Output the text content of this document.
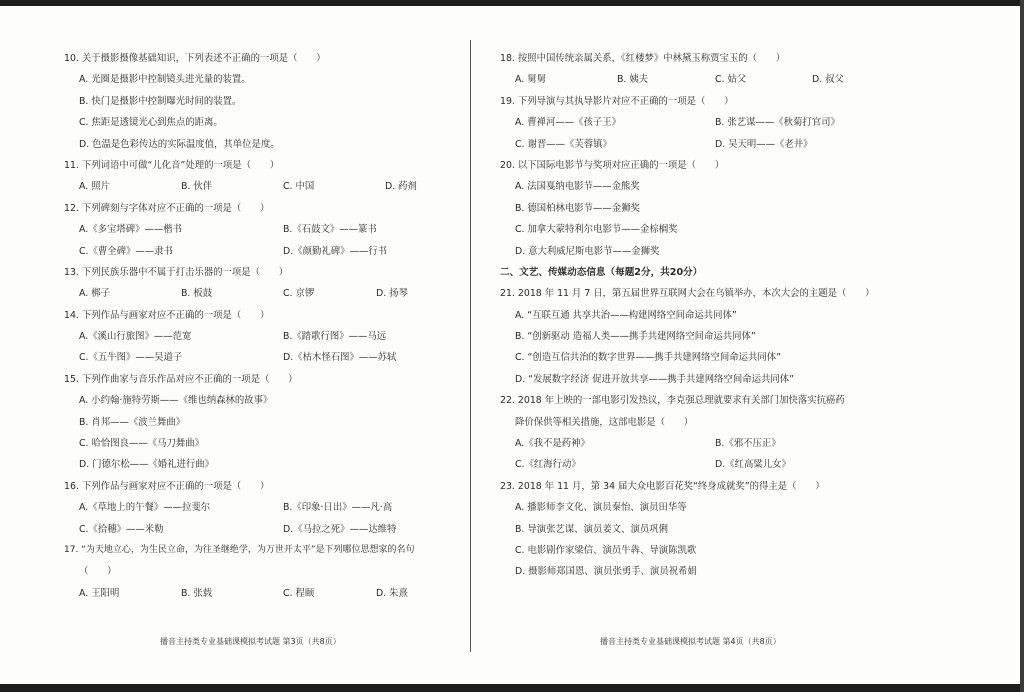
10. 关于摄影摄像基础知识，下列表述不正确的一项是（　　）
A. 光圈是摄影中控制镜头进光量的装置。
B. 快门是摄影中控制曝光时间的装置。
C. 焦距是透镜光心到焦点的距离。
D. 色温是色彩传达的实际温度值，其单位是度。
11. 下列词语中可做“儿化音”处理的一项是（　　）
A. 照片	B. 伙伴	C. 中国	D. 药剂
12. 下列碑刻与字体对应不正确的一项是（　　）
A.《多宝塔碑》——楷书	B.《石鼓文》——篆书
C.《曹全碑》——隶书	D.《颜勤礼碑》——行书
13. 下列民族乐器中不属于打击乐器的一项是（　　）
A. 梆子	B. 板鼓	C. 京锣	D. 扬琴
14. 下列作品与画家对应不正确的一项是（　　）
A.《溪山行旅图》——范宽	B.《踏歌行图》——马远
C.《五牛图》——吴道子	D.《枯木怪石图》——苏轼
15. 下列作曲家与音乐作品对应不正确的一项是（　　）
A. 小约翰·施特劳斯——《维也纳森林的故事》
B. 肖邦——《波兰舞曲》
C. 哈恰图良——《马刀舞曲》
D. 门德尔松——《婚礼进行曲》
16. 下列作品与画家对应不正确的一项是（　　）
A.《草地上的午餐》——拉斐尔	B.《印象·日出》——凡·高
C.《拾穗》——米勒	D.《马拉之死》——达维特
17. “为天地立心，为生民立命，为往圣继绝学，为万世开太平”是下列哪位思想家的名句
（　　）
A. 王阳明	B. 张载	C. 程颐	D. 朱熹
18. 按照中国传统亲属关系，《红楼梦》中林黛玉称贾宝玉的（　　）
A. 舅舅	B. 姨夫	C. 姑父	D. 叔父
19. 下列导演与其执导影片对应不正确的一项是（　　）
A. 曹禅河——《孩子王》	B. 张艺谋——《秋菊打官司》
C. 谢晋——《芙蓉镇》	D. 吴天明——《老井》
20. 以下国际电影节与奖项对应正确的一项是（　　）
A. 法国戛纳电影节——金熊奖
B. 德国柏林电影节——金狮奖
C. 加拿大蒙特利尔电影节——金棕榈奖
D. 意大利威尼斯电影节——金狮奖
二、文艺、传媒动态信息（每题2分，共20分）
21. 2018 年 11 月 7 日，第五届世界互联网大会在乌镇举办，本次大会的主题是（　　）
A. “互联互通 共享共治——构建网络空间命运共同体”
B. “创新驱动 造福人类——携手共建网络空间命运共同体”
C. “创造互信共治的数字世界——携手共建网络空间命运共同体”
D. “发展数字经济 促进开放共享——携手共建网络空间命运共同体”
22. 2018 年上映的一部电影引发热议，李克强总理就要求有关部门加快落实抗癌药
降价保供等相关措施，这部电影是（　　）
A.《我不是药神》	B.《邪不压正》
C.《红海行动》	D.《红高粱儿女》
23. 2018 年 11 月，第 34 届大众电影百花奖“终身成就奖”的得主是（　　）
A. 播影师李文化、演员秦怡、演员田华等
B. 导演张艺谋、演员姜文、演员巩俐
C. 电影剧作家梁信、演员牛犇、导演陈凯歌
D. 摄影师郑国恩、演员张勇手、演员祝希娟
播音主持类专业基础课模拟考试题 第3页（共8页）	播音主持类专业基础课模拟考试题 第4页（共8页）
